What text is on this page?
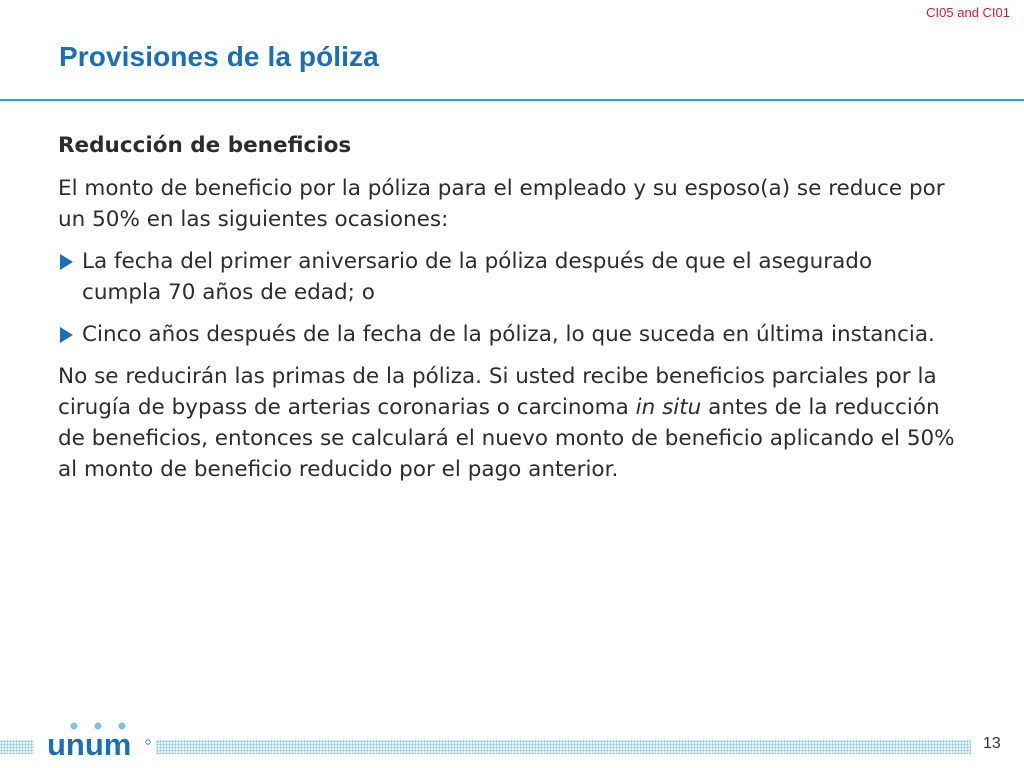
CI05 and CI01
Provisiones de la póliza
Reducción de beneficios

El monto de beneficio por la póliza para el empleado y su esposo(a) se reduce por un 50% en las siguientes ocasiones:

La fecha del primer aniversario de la póliza después de que el asegurado cumpla 70 años de edad; o
Cinco años después de la fecha de la póliza, lo que suceda en última instancia.

No se reducirán las primas de la póliza. Si usted recibe beneficios parciales por la cirugía de bypass de arterias coronarias o carcinoma in situ antes de la reducción de beneficios, entonces se calculará el nuevo monto de beneficio aplicando el 50% al monto de beneficio reducido por el pago anterior.

unum	13
